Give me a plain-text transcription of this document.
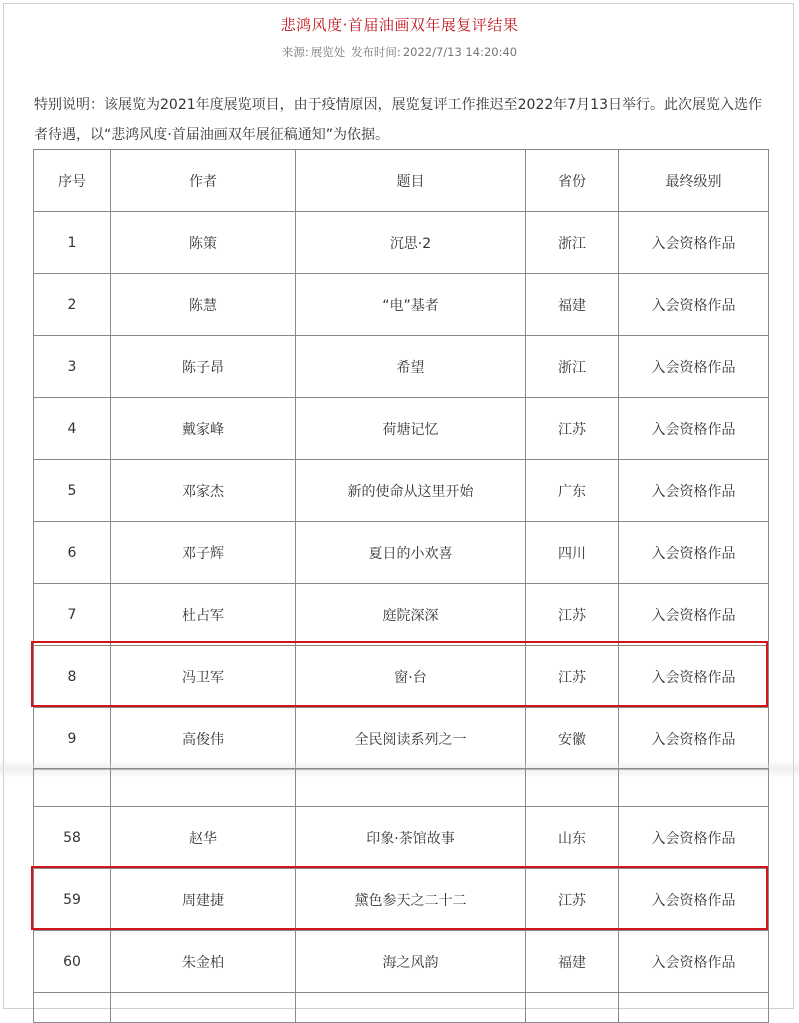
悲鸿风度·首届油画双年展复评结果
来源: 展览处 发布时间: 2022/7/13 14:20:40
特别说明：该展览为2021年度展览项目，由于疫情原因，展览复评工作推迟至2022年7月13日举行。此次展览入选作者待遇，以“悲鸿风度·首届油画双年展征稿通知”为依据。
序号	作者	题目	省份	最终级别
1	陈策	沉思·2	浙江	入会资格作品
2	陈慧	“电”基者	福建	入会资格作品
3	陈子昂	希望	浙江	入会资格作品
4	戴家峰	荷塘记忆	江苏	入会资格作品
5	邓家杰	新的使命从这里开始	广东	入会资格作品
6	邓子辉	夏日的小欢喜	四川	入会资格作品
7	杜占军	庭院深深	江苏	入会资格作品
8	冯卫军	窗·台	江苏	入会资格作品
9	高俊伟	全民阅读系列之一	安徽	入会资格作品

58	赵华	印象·茶馆故事	山东	入会资格作品
59	周建捷	黛色参天之二十二	江苏	入会资格作品
60	朱金柏	海之风韵	福建	入会资格作品
